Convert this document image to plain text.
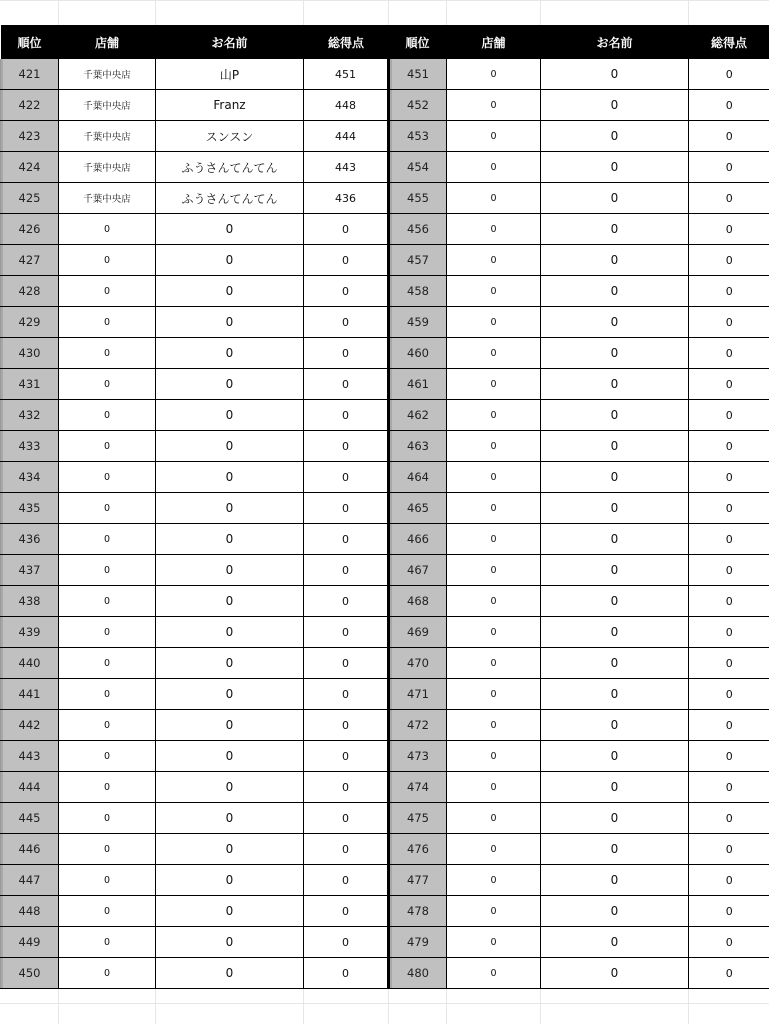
順位	店舗	お名前	総得点	順位	店舗	お名前	総得点
421	千葉中央店	山P	451	451	0	0	0
422	千葉中央店	Franz	448	452	0	0	0
423	千葉中央店	スンスン	444	453	0	0	0
424	千葉中央店	ふうさんてんてん	443	454	0	0	0
425	千葉中央店	ふうさんてんてん	436	455	0	0	0
426	0	0	0	456	0	0	0
427	0	0	0	457	0	0	0
428	0	0	0	458	0	0	0
429	0	0	0	459	0	0	0
430	0	0	0	460	0	0	0
431	0	0	0	461	0	0	0
432	0	0	0	462	0	0	0
433	0	0	0	463	0	0	0
434	0	0	0	464	0	0	0
435	0	0	0	465	0	0	0
436	0	0	0	466	0	0	0
437	0	0	0	467	0	0	0
438	0	0	0	468	0	0	0
439	0	0	0	469	0	0	0
440	0	0	0	470	0	0	0
441	0	0	0	471	0	0	0
442	0	0	0	472	0	0	0
443	0	0	0	473	0	0	0
444	0	0	0	474	0	0	0
445	0	0	0	475	0	0	0
446	0	0	0	476	0	0	0
447	0	0	0	477	0	0	0
448	0	0	0	478	0	0	0
449	0	0	0	479	0	0	0
450	0	0	0	480	0	0	0
